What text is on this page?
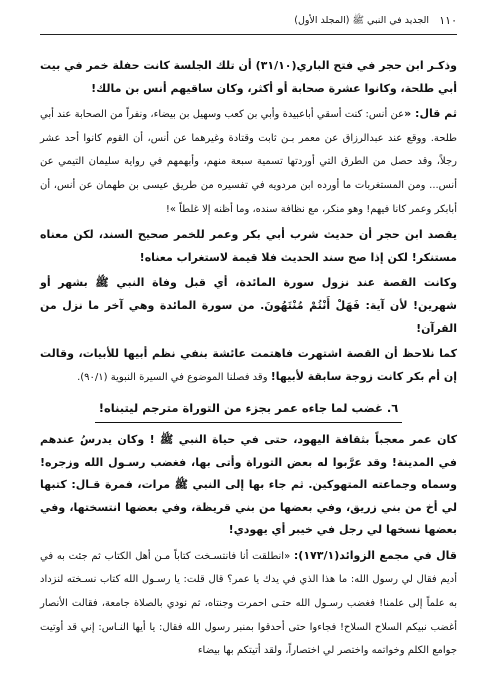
١١٠
الجديد في النبي ﷺ (المجلد الأول)

وذكـر ابن حجر في فتح الباري(٣١/١٠) أن تلك الجلسة كانت حفلة خمر في بيت أبي طلحة، وكانوا عشرة صحابة أو أكثر، وكان ساقيهم أنس بن مالك!

ثم قال: «عن أنس: كنت أسقي أباعبيدة وأبي بن كعب وسهيل بن بيضاء، ونفراً من الصحابة عند أبي طلحة. ووقع عند عبدالرزاق عن معمر بـن ثابت وقتادة وغيرهما عن أنس، أن القوم كانوا أحد عشر رجلاً، وقد حصل من الطرق التي أوردتها تسمية سبعة منهم، وأبهمهم في رواية سليمان التيمي عن أنس... ومن المستغربات ما أورده ابن مردويه في تفسيره من طريق عيسى بن طهمان عن أنس، أن أبابكر وعمر كانا فيهم! وهو منكر، مع نظافة سنده، وما أظنه إلا غلطاً »!

يقصد ابن حجر أن حديث شرب أبي بكر وعمر للخمر صحيح السند، لكن معناه مستنكر! لكن إذا صح سند الحديث فلا قيمة لاستغراب معناه!

وكانت القصة عند نزول سورة المائدة، أي قبل وفاة النبي ﷺ بشهر أو شهرين! لأن آية: فَهَلْ أَنْتُمْ مُنْتَهُونَ. من سورة المائدة وهي آخر ما نزل من القرآن!

كما نلاحظ أن القصة اشتهرت فاهتمت عائشة بنفي نظم أبيها للأبيات، وقالت إن أم بكر كانت زوجة سابقة لأبيها! وقد فصلنا الموضوع في السيرة النبوية (٩٠/١).

٦. غضب لما جاءه عمر بجزء من التوراة مترجم ليتبناه!

كان عمر معجباً بثقافة اليهود، حتى في حياة النبي ﷺ ! وكان يدرسُ عندهم في المدينة! وقد عرَّبوا له بعض التوراة وأتى بها، فغضب رسـول الله وزجره! وسماه وجماعته المتهوكين. ثم جاء بها إلى النبي ﷺ مرات، فمرة قـال: كتبها لي أخ من بني زريق، وفي بعضها من بني قريظة، وفي بعضها انتسختها، وفي بعضها نسخها لي رجل في خيبر أي يهودي!

قال في مجمع الزوائد(١٧٣/١): «انطلقت أنا فانتسـخت كتاباً مـن أهل الكتاب ثم جئت به في أديم فقال لي رسول الله: ما هذا الذي في يدك يا عمر؟ قال قلت: يا رسـول الله كتاب نسـخته لنزداد به علماً إلى علمنا! فغضب رسـول الله حتـى احمرت وجنتاه، ثم نودي بالصلاة جامعة، فقالت الأنصار أغضب نبيكم السلاح السلاح! فجاءوا حتى أحدقوا بمنبر رسول الله فقال: يا أيها النـاس: إني قد أوتيت جوامع الكلم وخواتمه واختصر لي اختصاراً، ولقد أتيتكم بها بيضاء
